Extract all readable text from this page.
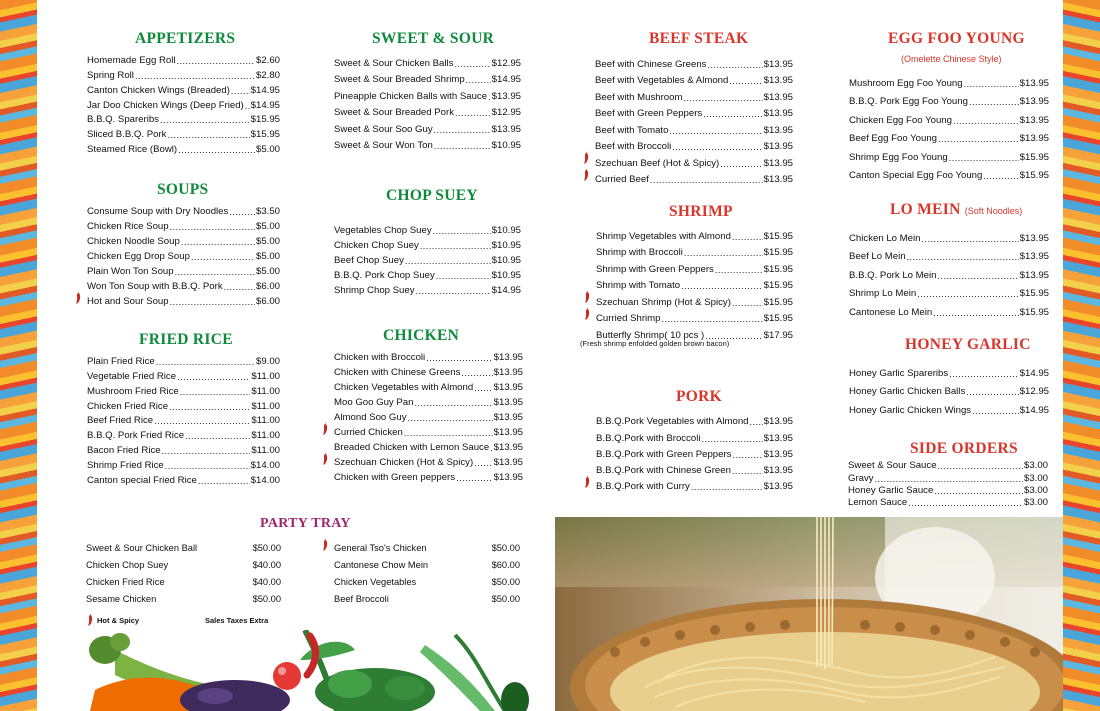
APPETIZERS
Homemade Egg Roll . . .	$2.60
Spring Roll . . .	$2.80
Canton Chicken Wings (Breaded) . . . $14.95
Jar Doo Chicken Wings (Deep Fried) . . . $14.95
B.B.Q. Spareribs . . .	$15.95
Sliced B.B.Q. Pork . . .	$15.95
Steamed Rice (Bowl) . . .	$5.00
SOUPS
Consume Soup with Dry Noodles . . .	$3.50
Chicken Rice Soup . . .	$5.00
Chicken Noodle Soup . . .	$5.00
Chicken Egg Drop Soup . . .	$5.00
Plain Won Ton Soup . . .	$5.00
Won Ton Soup with B.B.Q. Pork . . .	$6.00
Hot and Sour Soup . . .	$6.00
FRIED RICE
Plain Fried Rice . . .	$9.00
Vegetable Fried Rice . . .	$11.00
Mushroom Fried Rice . . .	$11.00
Chicken Fried Rice . . .	$11.00
Beef Fried Rice . . .	$11.00
B.B.Q. Pork Fried Rice . . .	$11.00
Bacon Fried Rice . . .	$11.00
Shrimp Fried Rice . . .	$14.00
Canton special Fried Rice . . .	$14.00
SWEET & SOUR
Sweet & Sour Chicken Balls . . .	$12.95
Sweet & Sour Breaded Shrimp . . .	$14.95
Pineapple Chicken Balls with Sauce . . . $13.95
Sweet & Sour Breaded Pork . . .	$12.95
Sweet & Sour Soo Guy . . .	$13.95
Sweet & Sour Won Ton . . .	$10.95
CHOP SUEY
Vegetables Chop Suey . . .	$10.95
Chicken Chop Suey . . .	$10.95
Beef Chop Suey . . .	$10.95
B.B.Q. Pork Chop Suey . . .	$10.95
Shrimp Chop Suey . . .	$14.95
CHICKEN
Chicken with Broccoli . . .	$13.95
Chicken with Chinese Greens . . .	$13.95
Chicken Vegetables with Almond . . . $13.95
Moo Goo Guy Pan . . .	$13.95
Almond Soo Guy . . .	$13.95
Curried Chicken . . .	$13.95
Breaded Chicken with Lemon Sauce . . . $13.95
Szechuan Chicken (Hot & Spicy) . . . $13.95
Chicken with Green peppers . . .	$13.95
BEEF STEAK
Beef with Chinese Greens . . .	$13.95
Beef with Vegetables & Almond . . .	$13.95
Beef with Mushroom . . .	$13.95
Beef with Green Peppers . . .	$13.95
Beef with Tomato . . .	$13.95
Beef with Broccoli . . .	$13.95
Szechuan Beef (Hot & Spicy) . . .	$13.95
Curried Beef . . .	$13.95
SHRIMP
Shrimp Vegetables with Almond . . .	$15.95
Shrimp with Broccoli . . .	$15.95
Shrimp with Green Peppers . . .	$15.95
Shrimp with Tomato . . .	$15.95
Szechuan Shrimp (Hot & Spicy) . . .	$15.95
Curried Shrimp . . .	$15.95
Butterfly Shrimp( 10 pcs ) . . .	$17.95
(Fresh shrimp enfolded golden brown bacon)
PORK
B.B.Q.Pork Vegetables with Almond . . . $13.95
B.B.Q.Pork with Broccoli . . .	$13.95
B.B.Q.Pork with Green Peppers . . .	$13.95
B.B.Q.Pork with Chinese Green . . .	$13.95
B.B.Q.Pork with Curry . . .	$13.95
EGG FOO YOUNG
(Omelette Chinese Style)
Mushroom Egg Foo Young . . .	$13.95
B.B.Q. Pork Egg Foo Young . . .	$13.95
Chicken Egg Foo Young . . .	$13.95
Beef Egg Foo Young . . .	$13.95
Shrimp Egg Foo Young . . .	$15.95
Canton Special Egg Foo Young . . .	$15.95
LO MEIN (Soft Noodles)
Chicken Lo Mein . . .	$13.95
Beef Lo Mein . . .	$13.95
B.B.Q. Pork Lo Mein . . .	$13.95
Shrimp Lo Mein . . .	$15.95
Cantonese Lo Mein . . .	$15.95
HONEY GARLIC
Honey Garlic Spareribs . . .	$14.95
Honey Garlic Chicken Balls . . .	$12.95
Honey Garlic Chicken Wings . . .	$14.95
SIDE ORDERS
Sweet & Sour Sauce . . .	$3.00
Gravy . . .	$3.00
Honey Garlic Sauce . . .	$3.00
Lemon Sauce . . .	$3.00
PARTY TRAY
Sweet & Sour Chicken Ball	$50.00
Chicken Chop Suey	$40.00
Chicken Fried Rice	$40.00
Sesame Chicken	$50.00
General Tso's Chicken	$50.00
Cantonese Chow Mein	$60.00
Chicken Vegetables	$50.00
Beef Broccoli	$50.00
Hot & Spicy	Sales Taxes Extra
